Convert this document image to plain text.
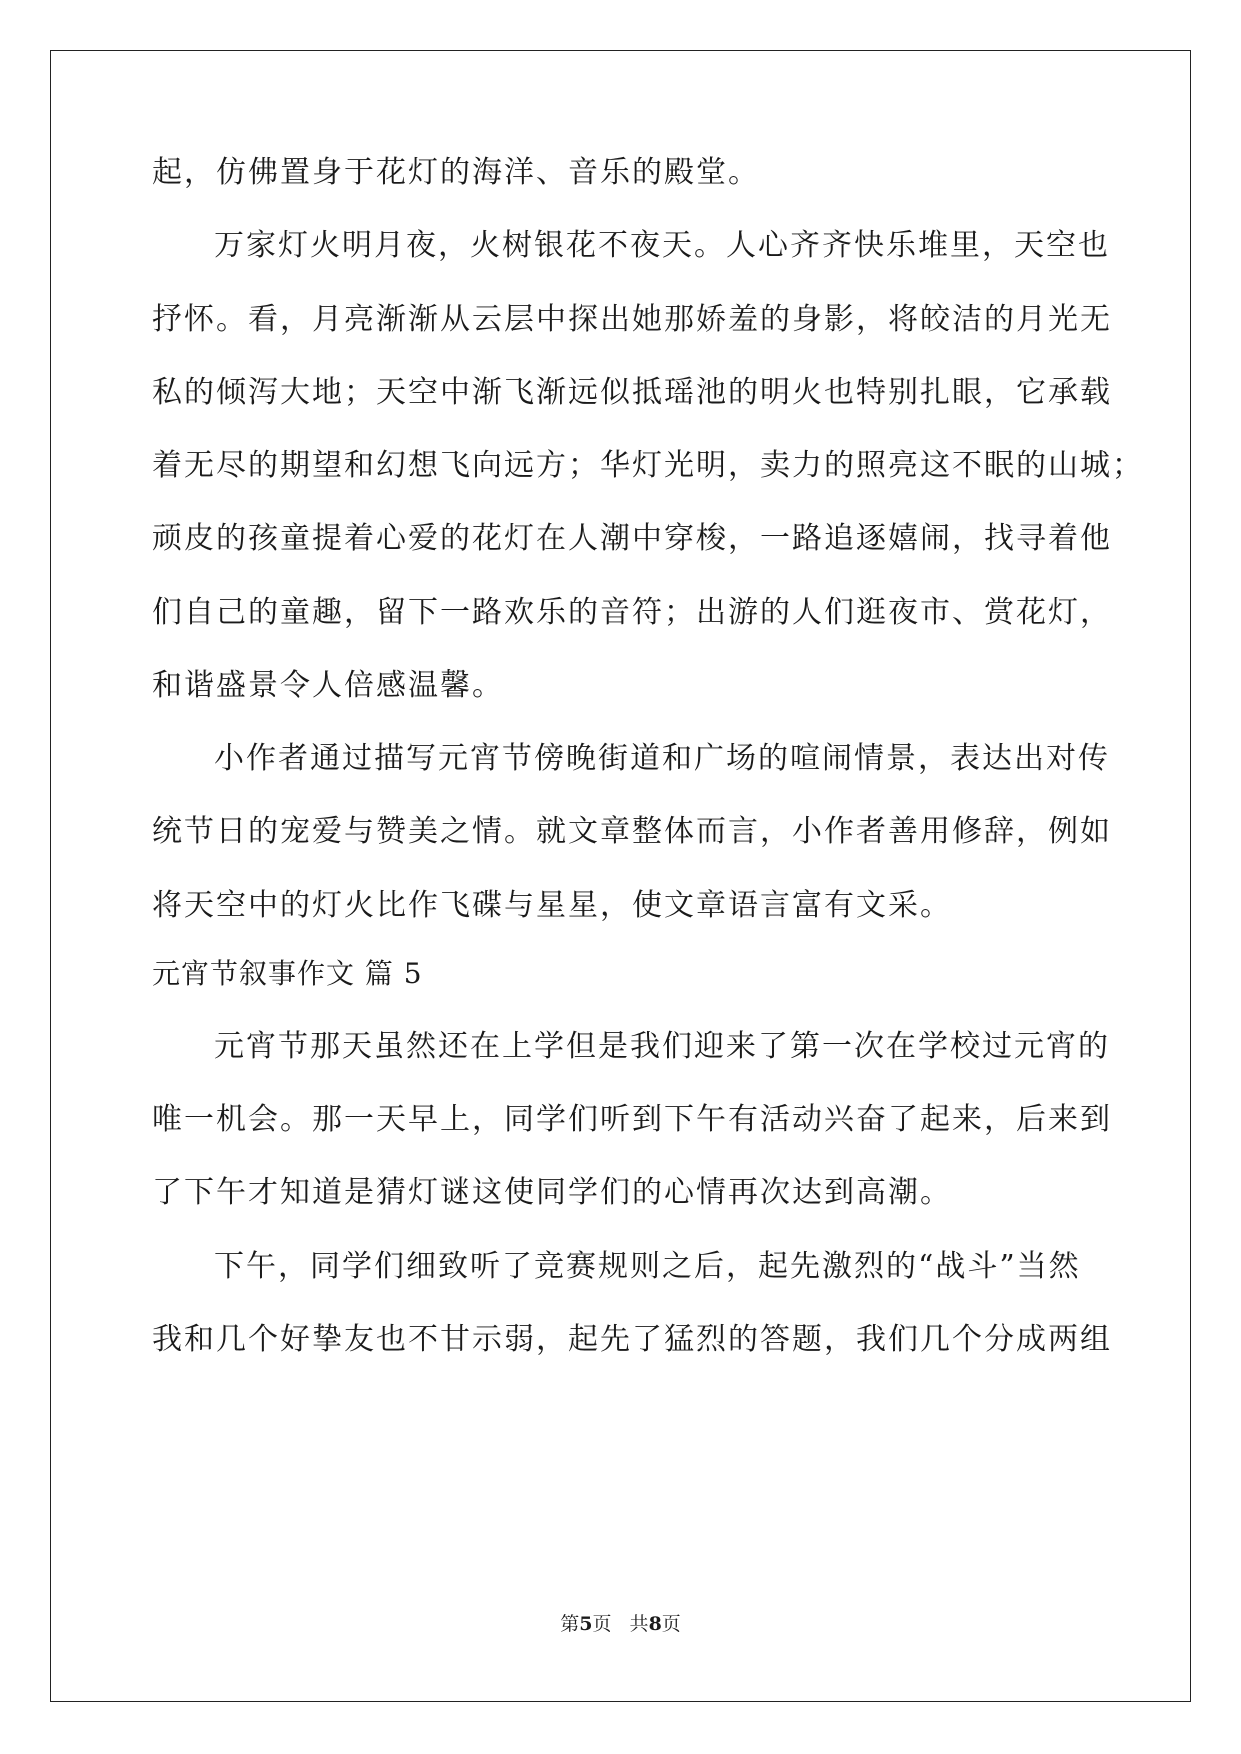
起，仿佛置身于花灯的海洋、音乐的殿堂。
万家灯火明月夜，火树银花不夜天。人心齐齐快乐堆里，天空也
抒怀。看，月亮渐渐从云层中探出她那娇羞的身影，将皎洁的月光无
私的倾泻大地；天空中渐飞渐远似抵瑶池的明火也特别扎眼，它承载
着无尽的期望和幻想飞向远方；华灯光明，卖力的照亮这不眠的山城；
顽皮的孩童提着心爱的花灯在人潮中穿梭，一路追逐嬉闹，找寻着他
们自己的童趣，留下一路欢乐的音符；出游的人们逛夜市、赏花灯，
和谐盛景令人倍感温馨。
小作者通过描写元宵节傍晚街道和广场的喧闹情景，表达出对传
统节日的宠爱与赞美之情。就文章整体而言，小作者善用修辞，例如
将天空中的灯火比作飞碟与星星，使文章语言富有文采。
元宵节叙事作文 篇 5
元宵节那天虽然还在上学但是我们迎来了第一次在学校过元宵的
唯一机会。那一天早上，同学们听到下午有活动兴奋了起来，后来到
了下午才知道是猜灯谜这使同学们的心情再次达到高潮。
下午，同学们细致听了竞赛规则之后，起先激烈的“战斗”当然
我和几个好挚友也不甘示弱，起先了猛烈的答题，我们几个分成两组
第5页   共8页
